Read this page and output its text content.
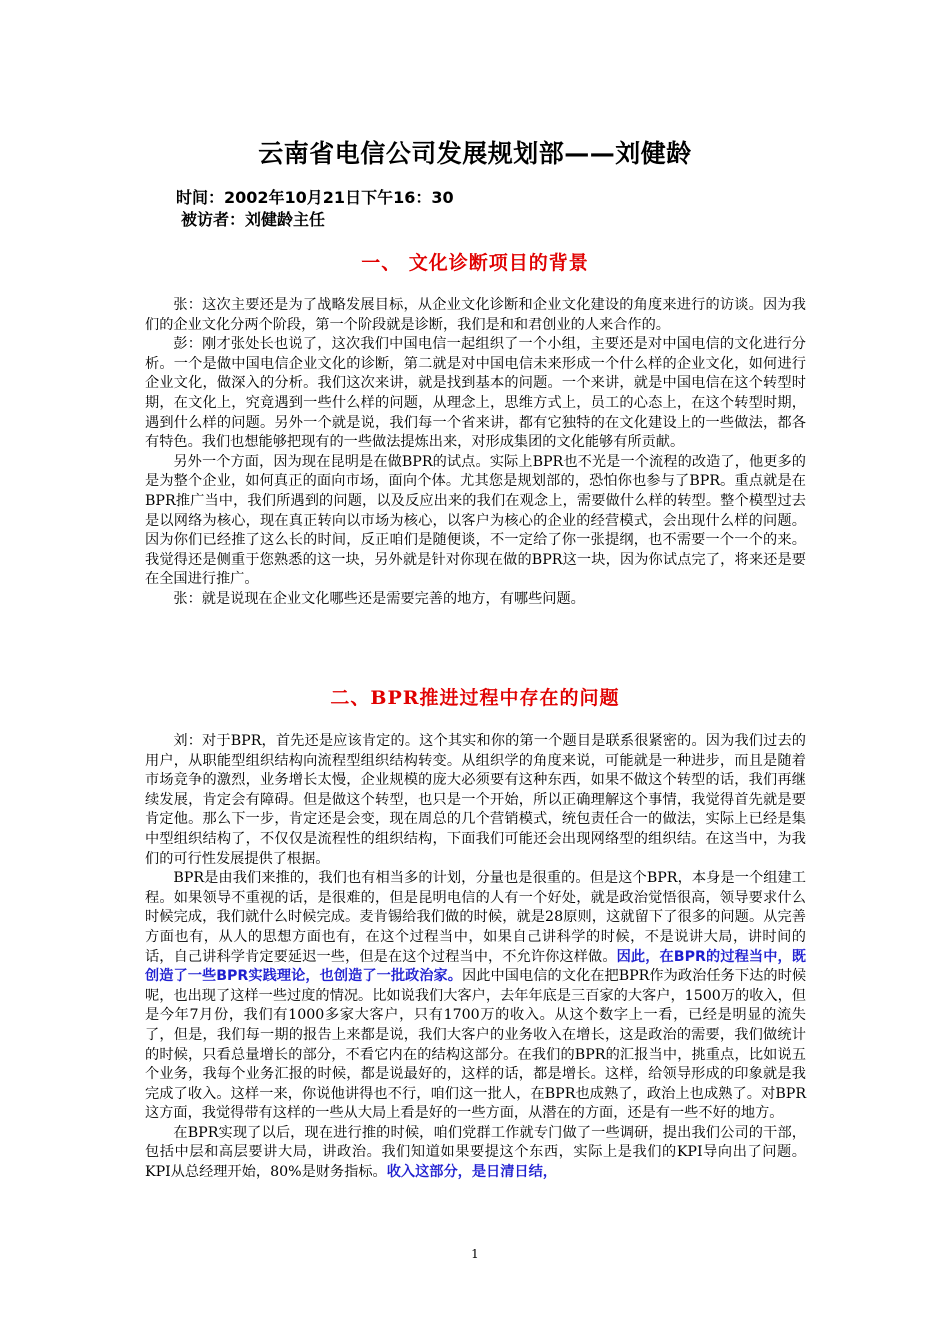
云南省电信公司发展规划部——刘健龄
时间：2002年10月21日下午16：30
被访者：刘健龄主任
一、 文化诊断项目的背景

张：这次主要还是为了战略发展目标，从企业文化诊断和企业文化建设的角度来进行的访谈。因为我们的企业文化分两个阶段，第一个阶段就是诊断，我们是和和君创业的人来合作的。

彭：刚才张处长也说了，这次我们中国电信一起组织了一个小组，主要还是对中国电信的文化进行分析。一个是做中国电信企业文化的诊断，第二就是对中国电信未来形成一个什么样的企业文化，如何进行企业文化，做深入的分析。我们这次来讲，就是找到基本的问题。一个来讲，就是中国电信在这个转型时期，在文化上，究竟遇到一些什么样的问题，从理念上，思维方式上，员工的心态上，在这个转型时期，遇到什么样的问题。另外一个就是说，我们每一个省来讲，都有它独特的在文化建设上的一些做法，都各有特色。我们也想能够把现有的一些做法提炼出来，对形成集团的文化能够有所贡献。

另外一个方面，因为现在昆明是在做BPR的试点。实际上BPR也不光是一个流程的改造了，他更多的是为整个企业，如何真正的面向市场，面向个体。尤其您是规划部的，恐怕你也参与了BPR。重点就是在BPR推广当中，我们所遇到的问题，以及反应出来的我们在观念上，需要做什么样的转型。整个模型过去是以网络为核心，现在真正转向以市场为核心，以客户为核心的企业的经营模式，会出现什么样的问题。因为你们已经推了这么长的时间，反正咱们是随便谈，不一定给了你一张提纲，也不需要一个一个的来。我觉得还是侧重于您熟悉的这一块，另外就是针对你现在做的BPR这一块，因为你试点完了，将来还是要在全国进行推广。

张：就是说现在企业文化哪些还是需要完善的地方，有哪些问题。

二、BPR推进过程中存在的问题

刘：对于BPR，首先还是应该肯定的。这个其实和你的第一个题目是联系很紧密的。因为我们过去的用户，从职能型组织结构向流程型组织结构转变。从组织学的角度来说，可能就是一种进步，而且是随着市场竞争的激烈，业务增长太慢，企业规模的庞大必须要有这种东西，如果不做这个转型的话，我们再继续发展，肯定会有障碍。但是做这个转型，也只是一个开始，所以正确理解这个事情，我觉得首先就是要肯定他。那么下一步，肯定还是会变，现在周总的几个营销模式，统包责任合一的做法，实际上已经是集中型组织结构了，不仅仅是流程性的组织结构，下面我们可能还会出现网络型的组织结。在这当中，为我们的可行性发展提供了根据。

BPR是由我们来推的，我们也有相当多的计划，分量也是很重的。但是这个BPR，本身是一个组建工程。如果领导不重视的话，是很难的，但是昆明电信的人有一个好处，就是政治觉悟很高，领导要求什么时候完成，我们就什么时候完成。麦肯锡给我们做的时候，就是28原则，这就留下了很多的问题。从完善方面也有，从人的思想方面也有，在这个过程当中，如果自己讲科学的时候，不是说讲大局，讲时间的话，自己讲科学肯定要延迟一些，但是在这个过程当中，不允许你这样做。因此，在BPR的过程当中，既创造了一些BPR实践理论，也创造了一批政治家。因此中国电信的文化在把BPR作为政治任务下达的时候呢，也出现了这样一些过度的情况。比如说我们大客户，去年年底是三百家的大客户，1500万的收入，但是今年7月份，我们有1000多家大客户，只有1700万的收入。从这个数字上一看，已经是明显的流失了，但是，我们每一期的报告上来都是说，我们大客户的业务收入在增长，这是政治的需要，我们做统计的时候，只看总量增长的部分，不看它内在的结构这部分。在我们的BPR的汇报当中，挑重点，比如说五个业务，我每个业务汇报的时候，都是说最好的，这样的话，都是增长。这样，给领导形成的印象就是我完成了收入。这样一来，你说他讲得也不行，咱们这一批人，在BPR也成熟了，政治上也成熟了。对BPR这方面，我觉得带有这样的一些从大局上看是好的一些方面，从潜在的方面，还是有一些不好的地方。

在BPR实现了以后，现在进行推的时候，咱们党群工作就专门做了一些调研，提出我们公司的干部，包括中层和高层要讲大局，讲政治。我们知道如果要提这个东西，实际上是我们的KPI导向出了问题。KPI从总经理开始，80%是财务指标。收入这部分，是日清日结，

1
